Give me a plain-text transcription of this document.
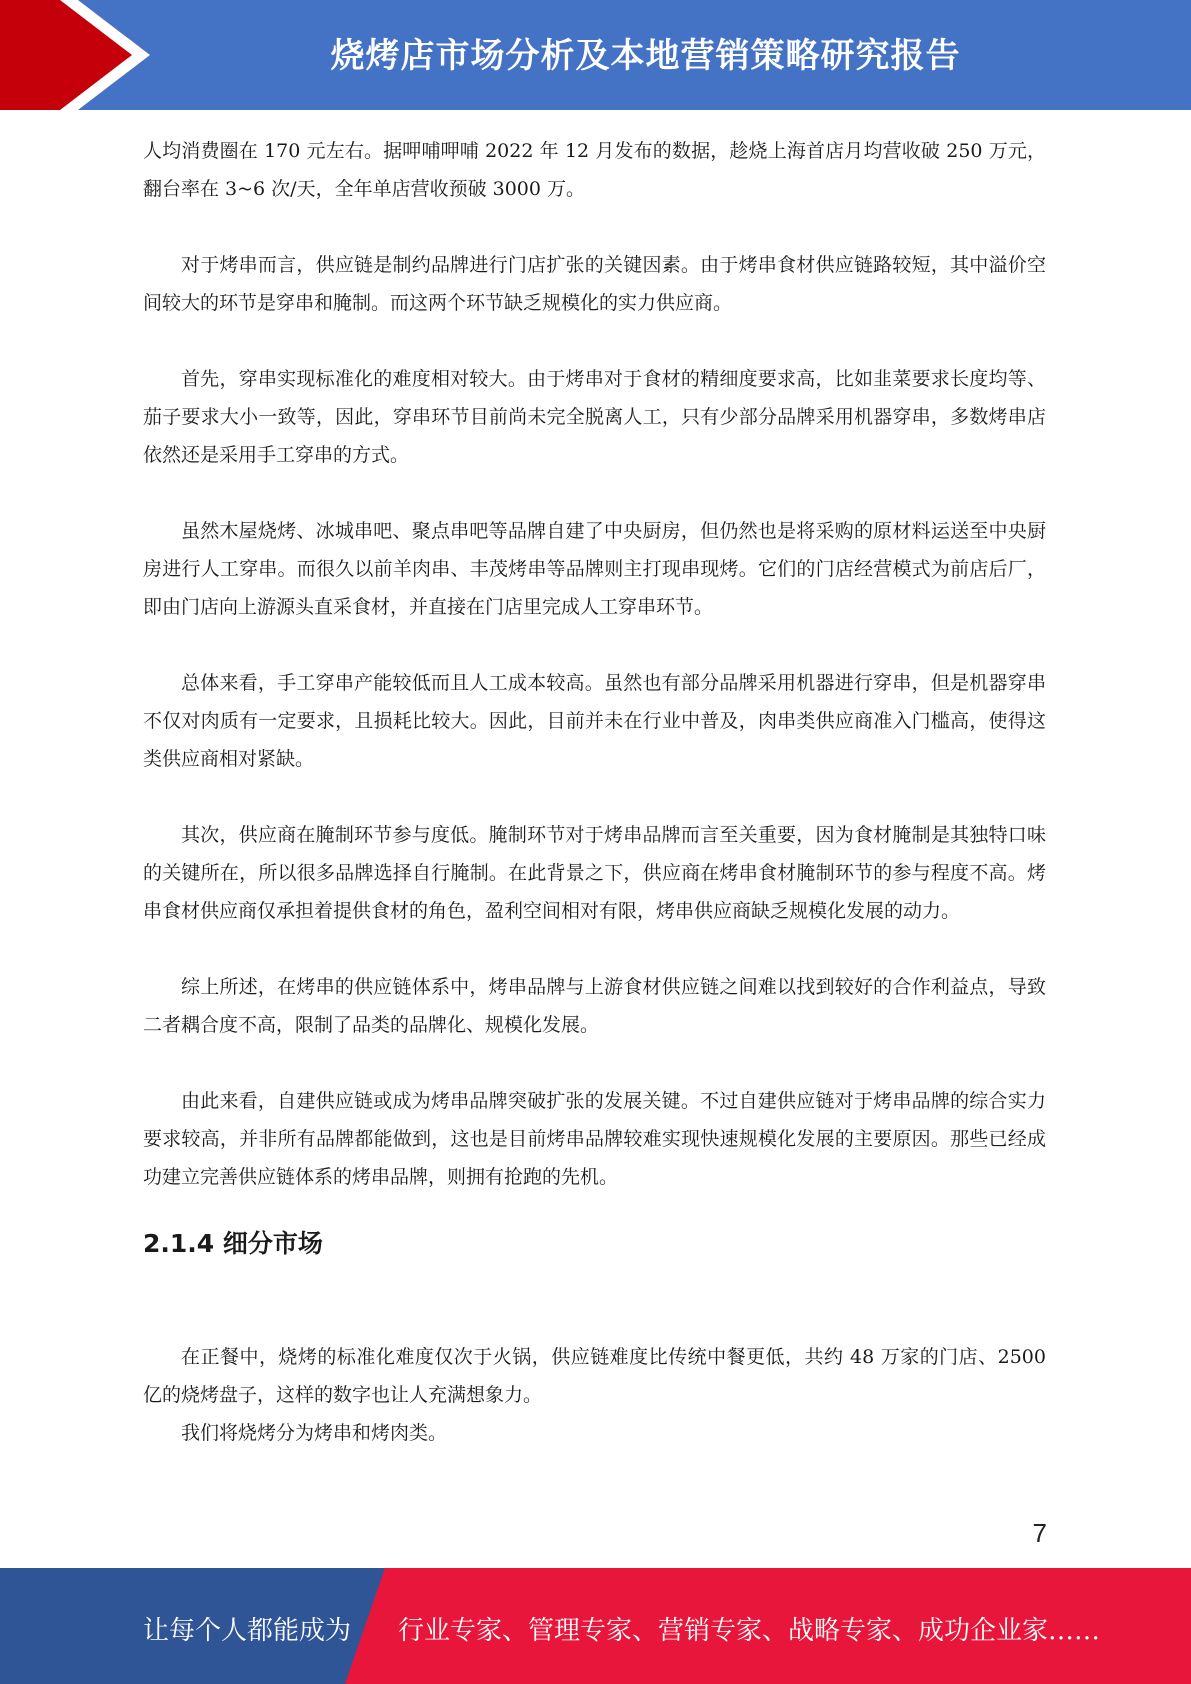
烧烤店市场分析及本地营销策略研究报告

人均消费圈在 170 元左右。据呷哺呷哺 2022 年 12 月发布的数据，趁烧上海首店月均营收破 250 万元，翻台率在 3~6 次/天，全年单店营收预破 3000 万。

对于烤串而言，供应链是制约品牌进行门店扩张的关键因素。由于烤串食材供应链路较短，其中溢价空间较大的环节是穿串和腌制。而这两个环节缺乏规模化的实力供应商。

首先，穿串实现标准化的难度相对较大。由于烤串对于食材的精细度要求高，比如韭菜要求长度均等、茄子要求大小一致等，因此，穿串环节目前尚未完全脱离人工，只有少部分品牌采用机器穿串，多数烤串店依然还是采用手工穿串的方式。

虽然木屋烧烤、冰城串吧、聚点串吧等品牌自建了中央厨房，但仍然也是将采购的原材料运送至中央厨房进行人工穿串。而很久以前羊肉串、丰茂烤串等品牌则主打现串现烤。它们的门店经营模式为前店后厂，即由门店向上游源头直采食材，并直接在门店里完成人工穿串环节。

总体来看，手工穿串产能较低而且人工成本较高。虽然也有部分品牌采用机器进行穿串，但是机器穿串不仅对肉质有一定要求，且损耗比较大。因此，目前并未在行业中普及，肉串类供应商准入门槛高，使得这类供应商相对紧缺。

其次，供应商在腌制环节参与度低。腌制环节对于烤串品牌而言至关重要，因为食材腌制是其独特口味的关键所在，所以很多品牌选择自行腌制。在此背景之下，供应商在烤串食材腌制环节的参与程度不高。烤串食材供应商仅承担着提供食材的角色，盈利空间相对有限，烤串供应商缺乏规模化发展的动力。

综上所述，在烤串的供应链体系中，烤串品牌与上游食材供应链之间难以找到较好的合作利益点，导致二者耦合度不高，限制了品类的品牌化、规模化发展。

由此来看，自建供应链或成为烤串品牌突破扩张的发展关键。不过自建供应链对于烤串品牌的综合实力要求较高，并非所有品牌都能做到，这也是目前烤串品牌较难实现快速规模化发展的主要原因。那些已经成功建立完善供应链体系的烤串品牌，则拥有抢跑的先机。

2.1.4 细分市场

在正餐中，烧烤的标准化难度仅次于火锅，供应链难度比传统中餐更低，共约 48 万家的门店、2500 亿的烧烤盘子，这样的数字也让人充满想象力。

我们将烧烤分为烤串和烤肉类。

7
让每个人都能成为 行业专家、管理专家、营销专家、战略专家、成功企业家……
